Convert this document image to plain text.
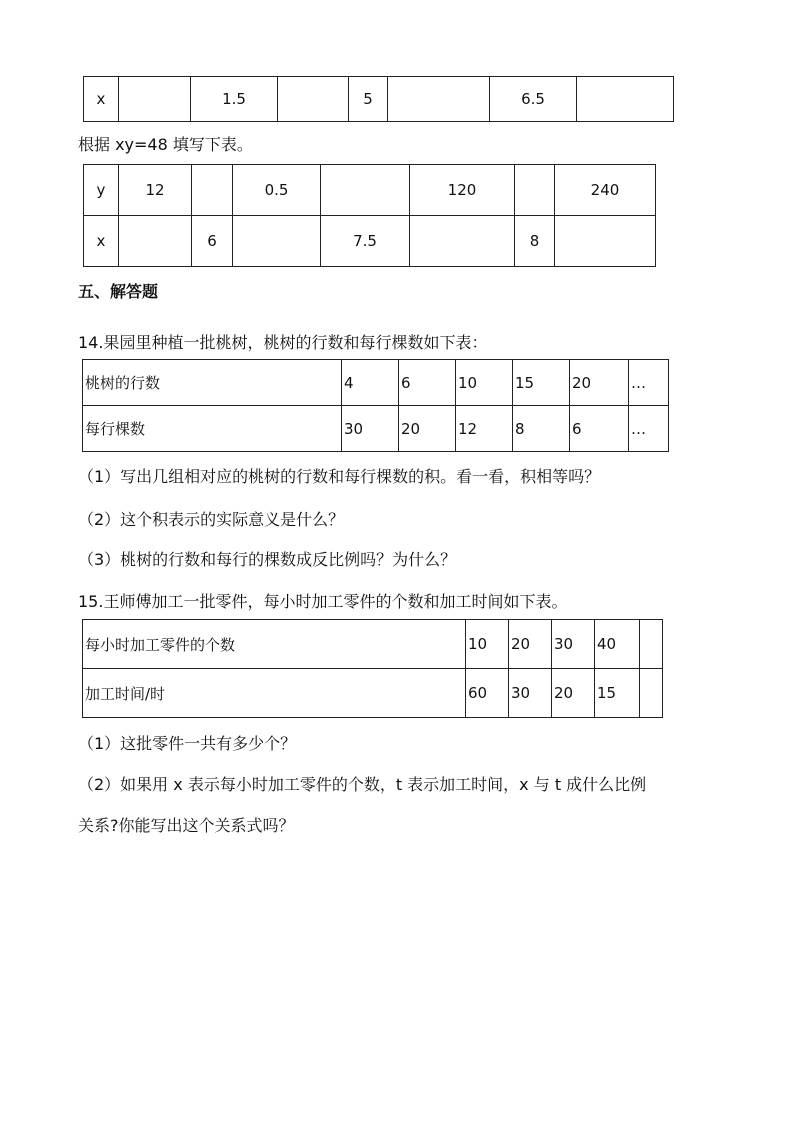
x		1.5		5		6.5	
根据 xy=48 填写下表。
y	12		0.5		120		240
x		6		7.5		8	
五、解答题
14.果园里种植一批桃树，桃树的行数和每行棵数如下表：
桃树的行数	4	6	10	15	20	…
每行棵数	30	20	12	8	6	…
（1）写出几组相对应的桃树的行数和每行棵数的积。看一看，积相等吗？
（2）这个积表示的实际意义是什么？
（3）桃树的行数和每行的棵数成反比例吗？为什么？
15.王师傅加工一批零件，每小时加工零件的个数和加工时间如下表。
每小时加工零件的个数	10	20	30	40	
加工时间/时	60	30	20	15	
（1）这批零件一共有多少个？
（2）如果用 x 表示每小时加工零件的个数，t 表示加工时间，x 与 t 成什么比例
关系?你能写出这个关系式吗？
